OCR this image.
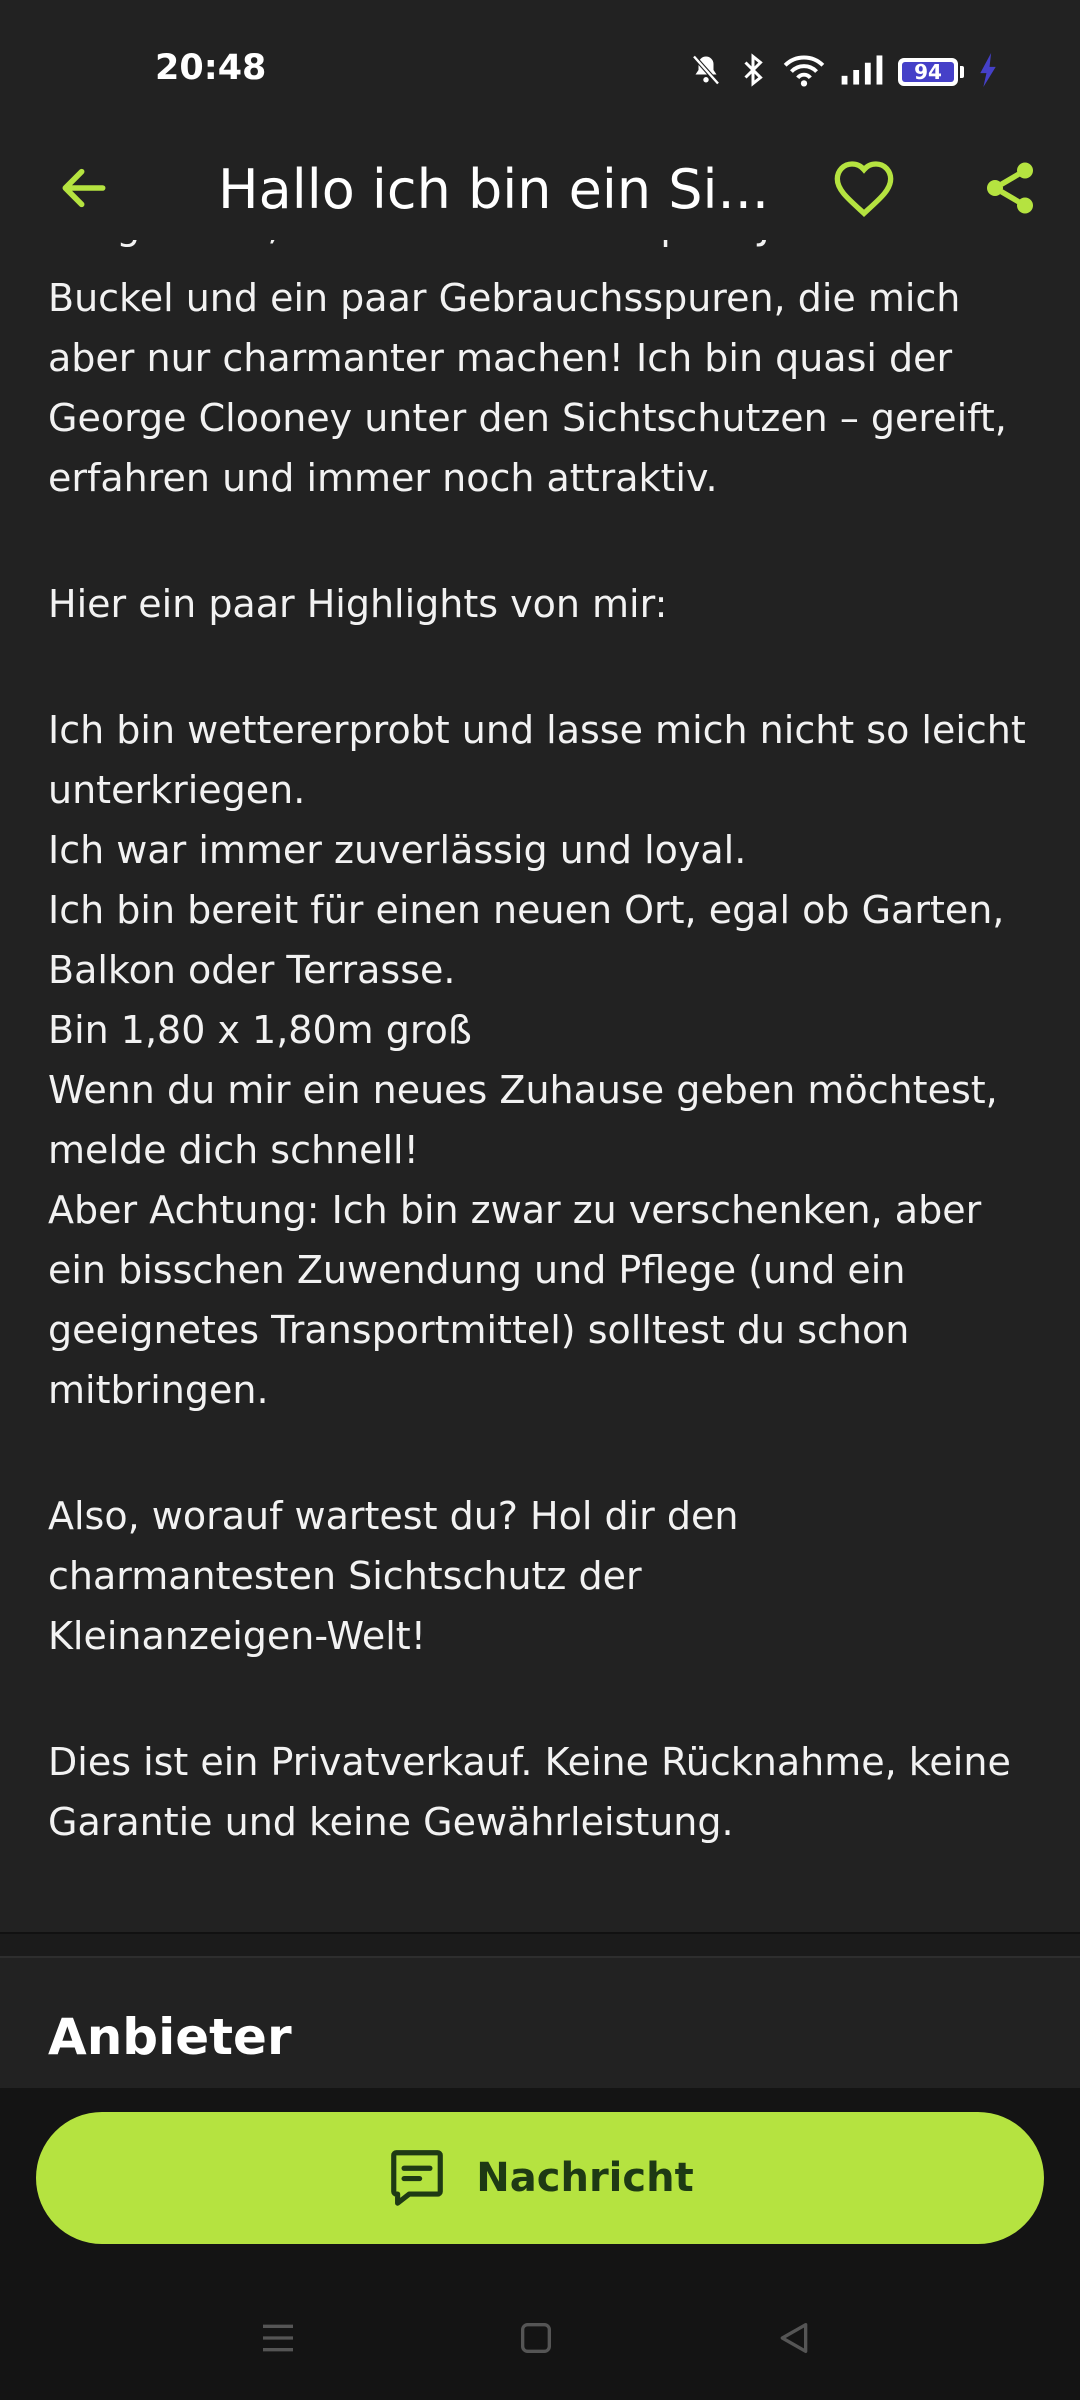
20:48	94
Hallo ich bin ein Si...
Buckel und ein paar Gebrauchsspuren, die mich
aber nur charmanter machen! Ich bin quasi der
George Clooney unter den Sichtschutzen – gereift,
erfahren und immer noch attraktiv.
Hier ein paar Highlights von mir:
Ich bin wettererprobt und lasse mich nicht so leicht
unterkriegen.
Ich war immer zuverlässig und loyal.
Ich bin bereit für einen neuen Ort, egal ob Garten,
Balkon oder Terrasse.
Bin 1,80 x 1,80m groß
Wenn du mir ein neues Zuhause geben möchtest,
melde dich schnell!
Aber Achtung: Ich bin zwar zu verschenken, aber
ein bisschen Zuwendung und Pflege (und ein
geeignetes Transportmittel) solltest du schon
mitbringen.
Also, worauf wartest du? Hol dir den
charmantesten Sichtschutz der
Kleinanzeigen-Welt!
Dies ist ein Privatverkauf. Keine Rücknahme, keine
Garantie und keine Gewährleistung.
Anbieter
Nachricht
